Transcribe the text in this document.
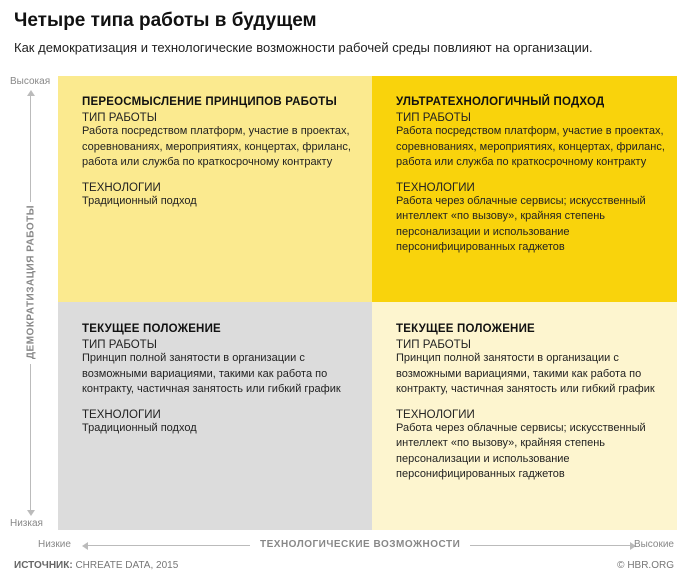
Четыре типа работы в будущем
Как демократизация и технологические возможности рабочей среды повлияют на организации.
Высокая
ДЕМОКРАТИЗАЦИЯ РАБОТЫ
Низкая
ПЕРЕОСМЫСЛЕНИЕ ПРИНЦИПОВ РАБОТЫ
ТИП РАБОТЫ
Работа посредством платформ, участие в проектах, соревнованиях, мероприятиях, концертах, фриланс, работа или служба по краткосрочному контракту
ТЕХНОЛОГИИ
Традиционный подход
УЛЬТРАТЕХНОЛОГИЧНЫЙ ПОДХОД
ТИП РАБОТЫ
Работа посредством платформ, участие в проектах, соревнованиях, мероприятиях, концертах, фриланс, работа или служба по краткосрочному контракту
ТЕХНОЛОГИИ
Работа через облачные сервисы; искусственный интеллект «по вызову», крайняя степень персонализации и использование персонифицированных гаджетов
ТЕКУЩЕЕ ПОЛОЖЕНИЕ
ТИП РАБОТЫ
Принцип полной занятости в организации с возможными вариациями, такими как работа по контракту, частичная занятость или гибкий график
ТЕХНОЛОГИИ
Традиционный подход
ТЕКУЩЕЕ ПОЛОЖЕНИЕ
ТИП РАБОТЫ
Принцип полной занятости в организации с возможными вариациями, такими как работа по контракту, частичная занятость или гибкий график
ТЕХНОЛОГИИ
Работа через облачные сервисы; искусственный интеллект «по вызову», крайняя степень персонализации и использование персонифицированных гаджетов
Низкие	ТЕХНОЛОГИЧЕСКИЕ ВОЗМОЖНОСТИ	Высокие
ИСТОЧНИК: CHREATE DATA, 2015	© HBR.ORG
